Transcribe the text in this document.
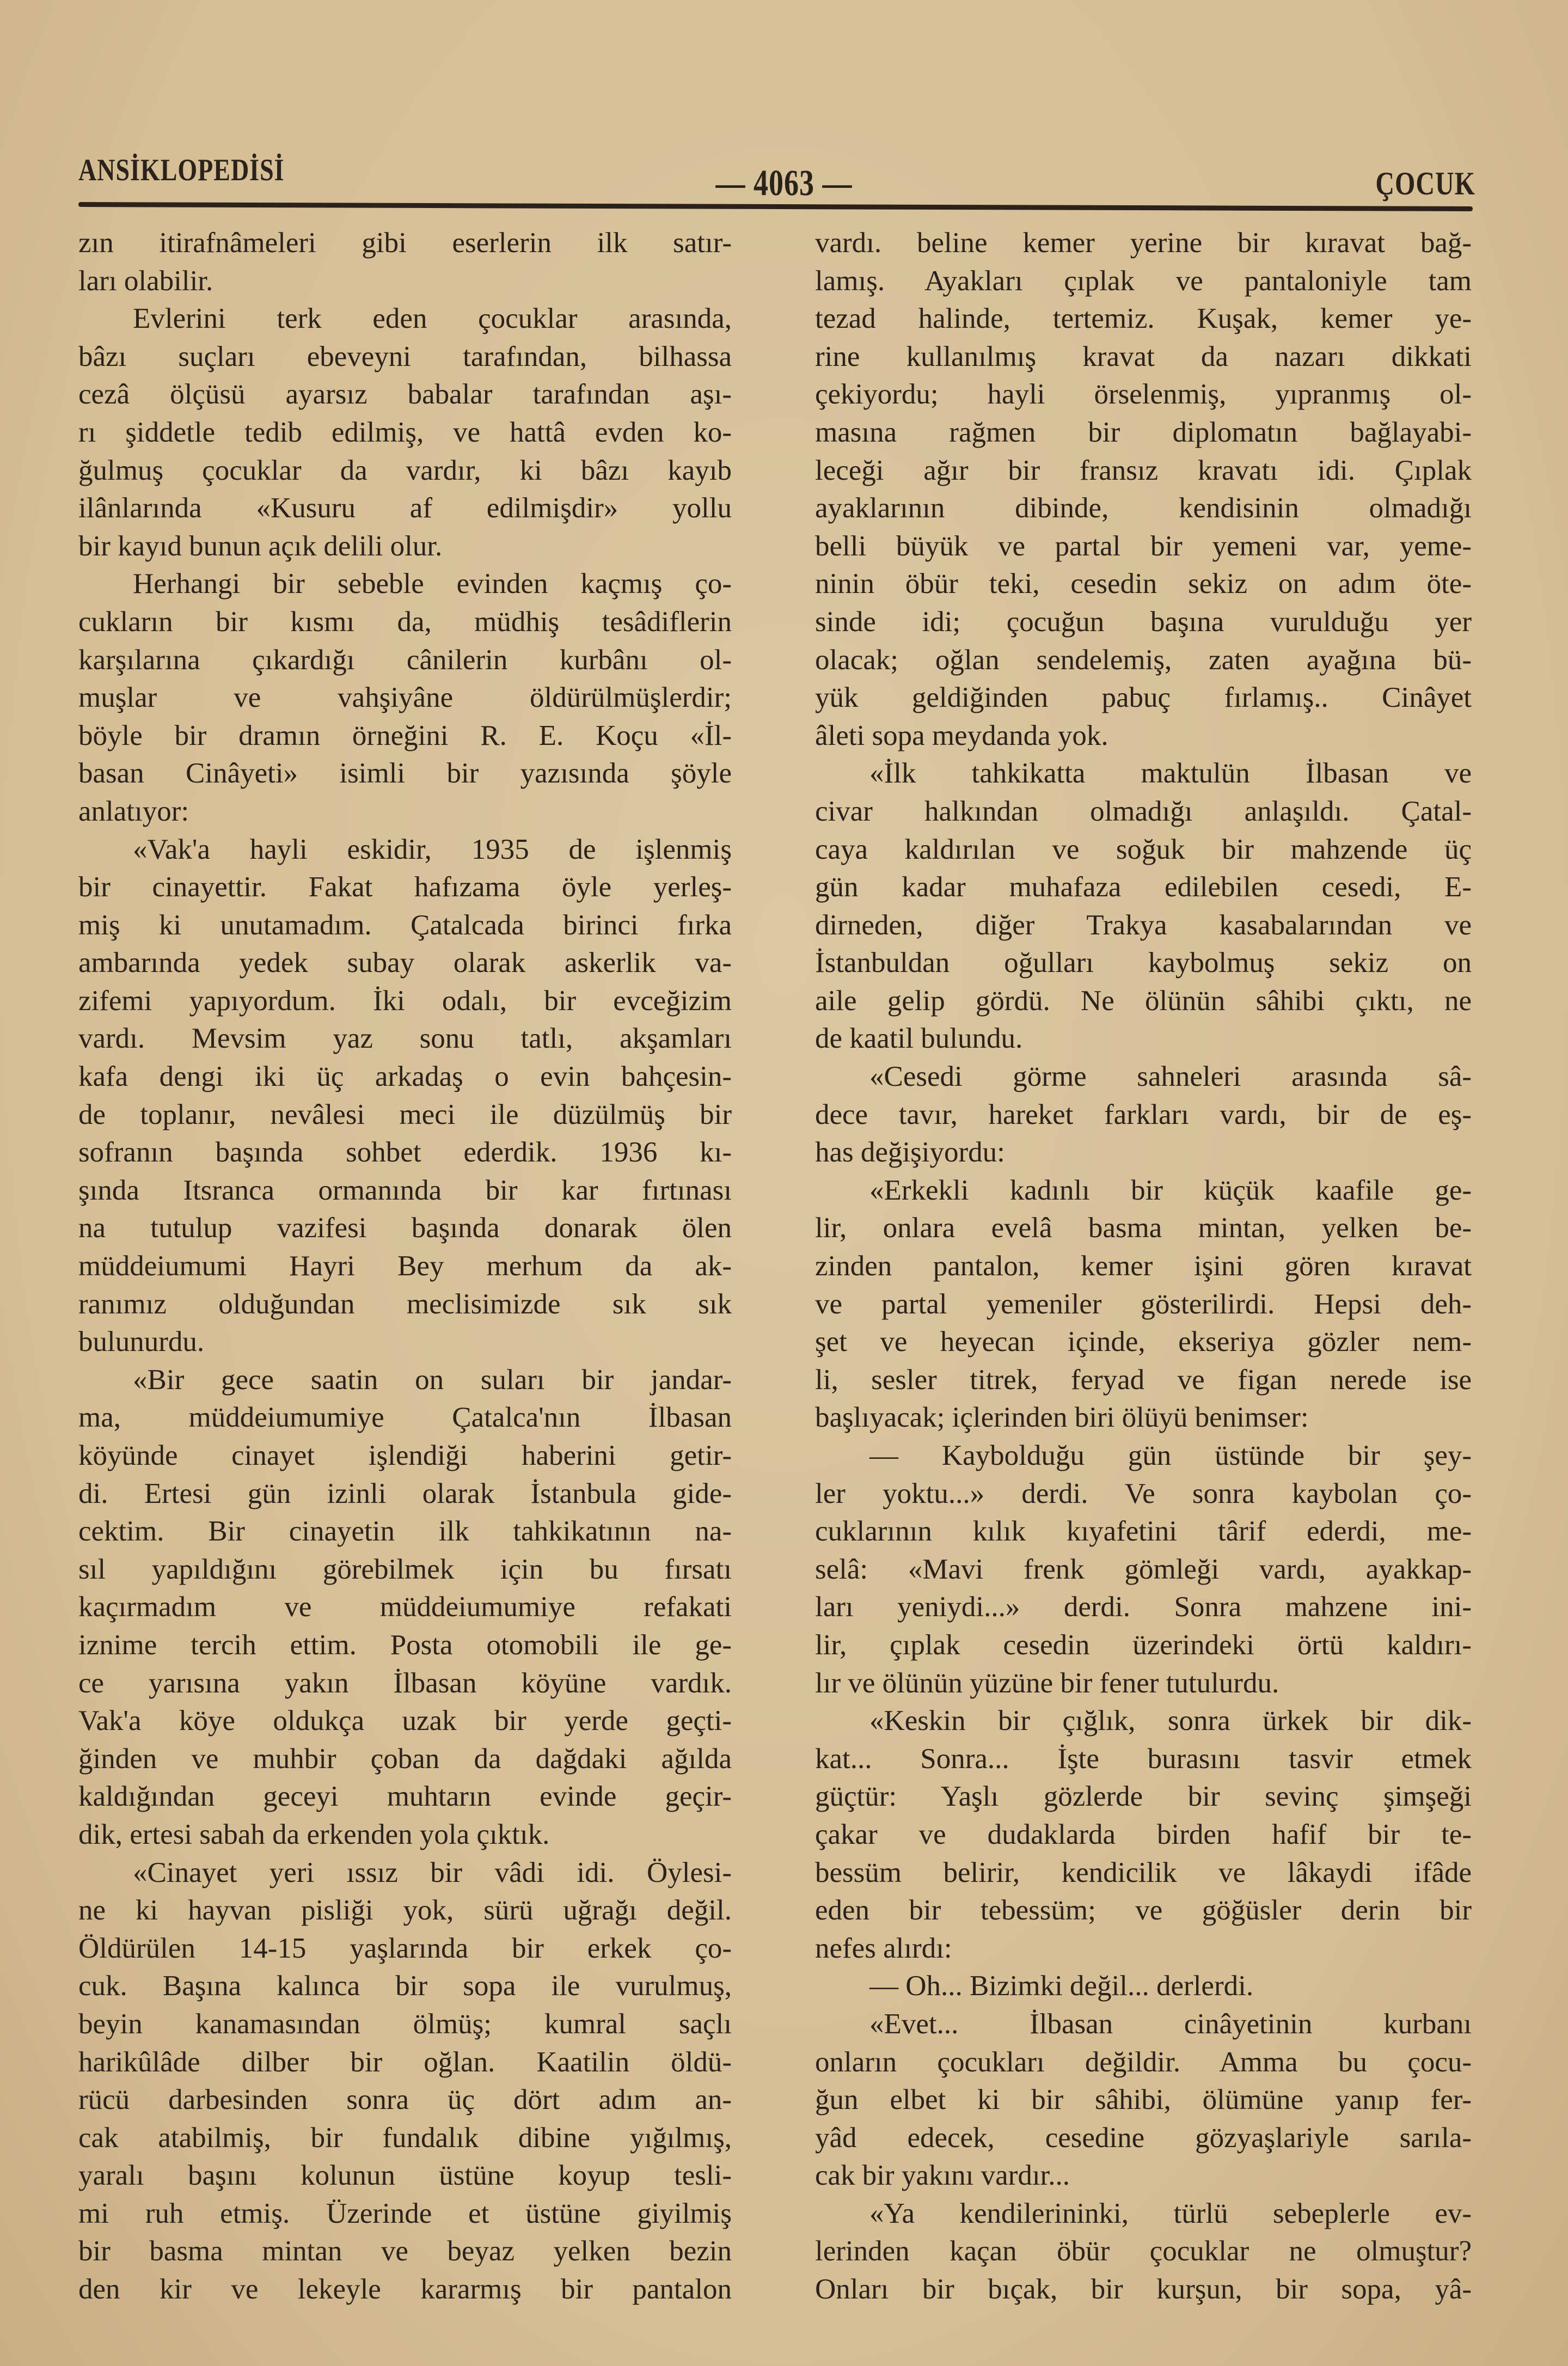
ANSİKLOPEDİSİ	— 4063 —	ÇOCUK
zın itirafnâmeleri gibi eserlerin ilk satır-
ları olabilir.
Evlerini terk eden çocuklar arasında,
bâzı suçları ebeveyni tarafından, bilhassa
cezâ ölçüsü ayarsız babalar tarafından aşı-
rı şiddetle tedib edilmiş, ve hattâ evden ko-
ğulmuş çocuklar da vardır, ki bâzı kayıb
ilânlarında «Kusuru af edilmişdir» yollu
bir kayıd bunun açık delili olur.
Herhangi bir sebeble evinden kaçmış ço-
cukların bir kısmı da, müdhiş tesâdiflerin
karşılarına çıkardığı cânilerin kurbânı ol-
muşlar ve vahşiyâne öldürülmüşlerdir;
böyle bir dramın örneğini R. E. Koçu «İl-
basan Cinâyeti» isimli bir yazısında şöyle
anlatıyor:
«Vak'a hayli eskidir, 1935 de işlenmiş
bir cinayettir. Fakat hafızama öyle yerleş-
miş ki unutamadım. Çatalcada birinci fırka
ambarında yedek subay olarak askerlik va-
zifemi yapıyordum. İki odalı, bir evceğizim
vardı. Mevsim yaz sonu tatlı, akşamları
kafa dengi iki üç arkadaş o evin bahçesin-
de toplanır, nevâlesi meci ile düzülmüş bir
sofranın başında sohbet ederdik. 1936 kı-
şında Itsranca ormanında bir kar fırtınası
na tutulup vazifesi başında donarak ölen
müddeiumumi Hayri Bey merhum da ak-
ranımız olduğundan meclisimizde sık sık
bulunurdu.
«Bir gece saatin on suları bir jandar-
ma, müddeiumumiye Çatalca'nın İlbasan
köyünde cinayet işlendiği haberini getir-
di. Ertesi gün izinli olarak İstanbula gide-
cektim. Bir cinayetin ilk tahkikatının na-
sıl yapıldığını görebilmek için bu fırsatı
kaçırmadım ve müddeiumumiye refakati
iznime tercih ettim. Posta otomobili ile ge-
ce yarısına yakın İlbasan köyüne vardık.
Vak'a köye oldukça uzak bir yerde geçti-
ğinden ve muhbir çoban da dağdaki ağılda
kaldığından geceyi muhtarın evinde geçir-
dik, ertesi sabah da erkenden yola çıktık.
«Cinayet yeri ıssız bir vâdi idi. Öylesi-
ne ki hayvan pisliği yok, sürü uğrağı değil.
Öldürülen 14-15 yaşlarında bir erkek ço-
cuk. Başına kalınca bir sopa ile vurulmuş,
beyin kanamasından ölmüş; kumral saçlı
harikûlâde dilber bir oğlan. Kaatilin öldü-
rücü darbesinden sonra üç dört adım an-
cak atabilmiş, bir fundalık dibine yığılmış,
yaralı başını kolunun üstüne koyup tesli-
mi ruh etmiş. Üzerinde et üstüne giyilmiş
bir basma mintan ve beyaz yelken bezin
den kir ve lekeyle kararmış bir pantalon
vardı. beline kemer yerine bir kıravat bağ-
lamış. Ayakları çıplak ve pantaloniyle tam
tezad halinde, tertemiz. Kuşak, kemer ye-
rine kullanılmış kravat da nazarı dikkati
çekiyordu; hayli örselenmiş, yıpranmış ol-
masına rağmen bir diplomatın bağlayabi-
leceği ağır bir fransız kravatı idi. Çıplak
ayaklarının dibinde, kendisinin olmadığı
belli büyük ve partal bir yemeni var, yeme-
ninin öbür teki, cesedin sekiz on adım öte-
sinde idi; çocuğun başına vurulduğu yer
olacak; oğlan sendelemiş, zaten ayağına bü-
yük geldiğinden pabuç fırlamış.. Cinâyet
âleti sopa meydanda yok.
«İlk tahkikatta maktulün İlbasan ve
civar halkından olmadığı anlaşıldı. Çatal-
caya kaldırılan ve soğuk bir mahzende üç
gün kadar muhafaza edilebilen cesedi, E-
dirneden, diğer Trakya kasabalarından ve
İstanbuldan oğulları kaybolmuş sekiz on
aile gelip gördü. Ne ölünün sâhibi çıktı, ne
de kaatil bulundu.
«Cesedi görme sahneleri arasında sâ-
dece tavır, hareket farkları vardı, bir de eş-
has değişiyordu:
«Erkekli kadınlı bir küçük kaafile ge-
lir, onlara evelâ basma mintan, yelken be-
zinden pantalon, kemer işini gören kıravat
ve partal yemeniler gösterilirdi. Hepsi deh-
şet ve heyecan içinde, ekseriya gözler nem-
li, sesler titrek, feryad ve figan nerede ise
başlıyacak; içlerinden biri ölüyü benimser:
— Kaybolduğu gün üstünde bir şey-
ler yoktu...» derdi. Ve sonra kaybolan ço-
cuklarının kılık kıyafetini târif ederdi, me-
selâ: «Mavi frenk gömleği vardı, ayakkap-
ları yeniydi...» derdi. Sonra mahzene ini-
lir, çıplak cesedin üzerindeki örtü kaldırı-
lır ve ölünün yüzüne bir fener tutulurdu.
«Keskin bir çığlık, sonra ürkek bir dik-
kat... Sonra... İşte burasını tasvir etmek
güçtür: Yaşlı gözlerde bir sevinç şimşeği
çakar ve dudaklarda birden hafif bir te-
bessüm belirir, kendicilik ve lâkaydi ifâde
eden bir tebessüm; ve göğüsler derin bir
nefes alırdı:
— Oh... Bizimki değil... derlerdi.
«Evet... İlbasan cinâyetinin kurbanı
onların çocukları değildir. Amma bu çocu-
ğun elbet ki bir sâhibi, ölümüne yanıp fer-
yâd edecek, cesedine gözyaşlariyle sarıla-
cak bir yakını vardır...
«Ya kendilerininki, türlü sebeplerle ev-
lerinden kaçan öbür çocuklar ne olmuştur?
Onları bir bıçak, bir kurşun, bir sopa, yâ-
